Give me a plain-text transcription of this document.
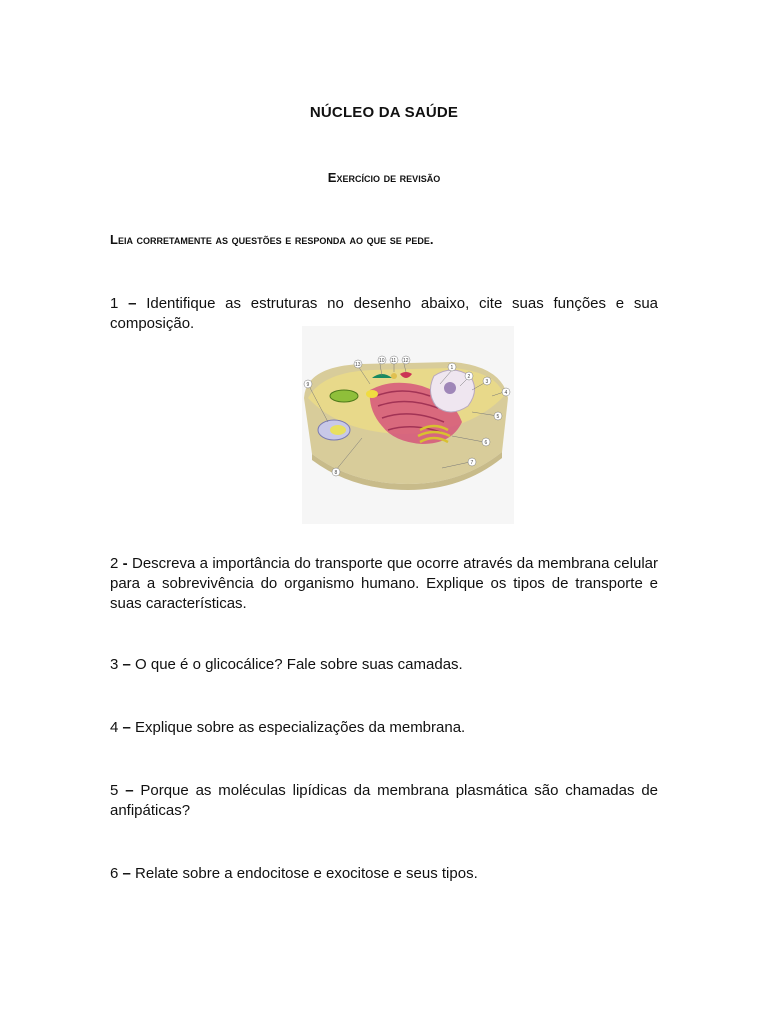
NÚCLEO DA SAÚDE
Exercício de revisão
Leia corretamente as questões e responda ao que se pede.
1 – Identifique as estruturas no desenho abaixo, cite suas funções e sua composição.
1
2
3
4
5
6
7
8
9
10 11 12
13
2 - Descreva a importância do transporte que ocorre através da membrana celular para a sobrevivência do organismo humano. Explique os tipos de transporte e suas características.
3 – O que é o glicocálice? Fale sobre suas camadas.
4 – Explique sobre as especializações da membrana.
5 – Porque as moléculas lipídicas da membrana plasmática são chamadas de anfipáticas?
6 – Relate sobre a endocitose e exocitose e seus tipos.
